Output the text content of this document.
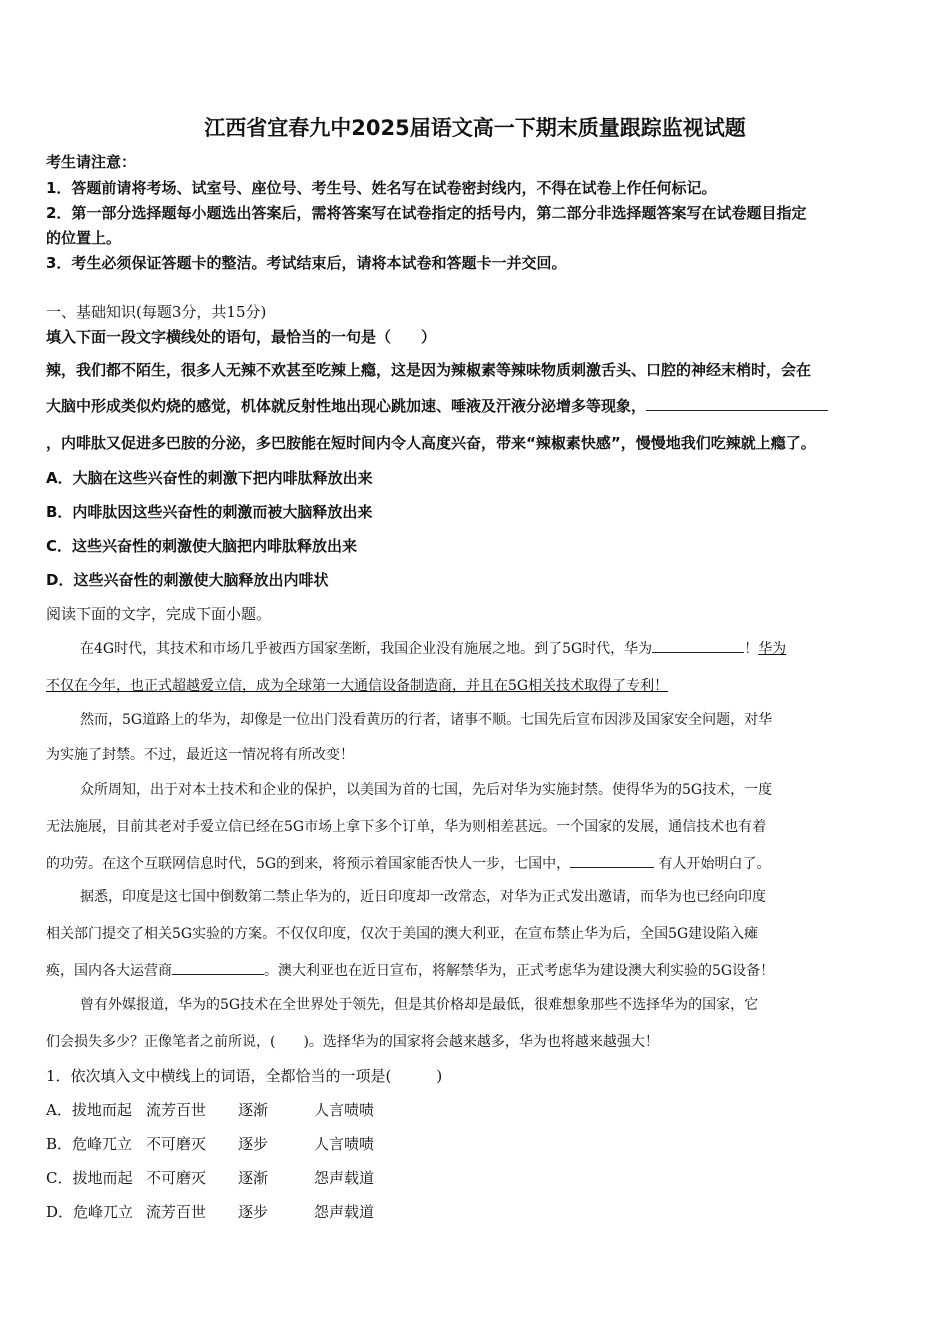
江西省宜春九中2025届语文高一下期末质量跟踪监视试题
考生请注意：
1．答题前请将考场、试室号、座位号、考生号、姓名写在试卷密封线内，不得在试卷上作任何标记。
2．第一部分选择题每小题选出答案后，需将答案写在试卷指定的括号内，第二部分非选择题答案写在试卷题目指定
的位置上。
3．考生必须保证答题卡的整洁。考试结束后，请将本试卷和答题卡一并交回。
一、基础知识(每题3分，共15分)
填入下面一段文字横线处的语句，最恰当的一句是（　　）
辣，我们都不陌生，很多人无辣不欢甚至吃辣上瘾，这是因为辣椒素等辣味物质刺激舌头、口腔的神经末梢时，会在
大脑中形成类似灼烧的感觉，机体就反射性地出现心跳加速、唾液及汗液分泌增多等现象，
，内啡肽又促进多巴胺的分泌，多巴胺能在短时间内令人高度兴奋，带来“辣椒素快感”，慢慢地我们吃辣就上瘾了。
A．大脑在这些兴奋性的刺激下把内啡肽释放出来
B．内啡肽因这些兴奋性的刺激而被大脑释放出来
C．这些兴奋性的刺激使大脑把内啡肽释放出来
D．这些兴奋性的刺激使大脑释放出内啡状
阅读下面的文字，完成下面小题。
在4G时代，其技术和市场几乎被西方国家垄断，我国企业没有施展之地。到了5G时代，华为	！华为
不仅在今年，也正式超越爱立信，成为全球第一大通信设备制造商，并且在5G相关技术取得了专利！
然而，5G道路上的华为，却像是一位出门没看黄历的行者，诸事不顺。七国先后宣布因涉及国家安全问题，对华
为实施了封禁。不过，最近这一情况将有所改变！
众所周知，出于对本土技术和企业的保护，以美国为首的七国，先后对华为实施封禁。使得华为的5G技术，一度
无法施展，目前其老对手爱立信已经在5G市场上拿下多个订单，华为则相差甚远。一个国家的发展，通信技术也有着
的功劳。在这个互联网信息时代，5G的到来，将预示着国家能否快人一步，七国中，	有人开始明白了。
据悉，印度是这七国中倒数第二禁止华为的，近日印度却一改常态，对华为正式发出邀请，而华为也已经向印度
相关部门提交了相关5G实验的方案。不仅仅印度，仅次于美国的澳大利亚，在宣布禁止华为后，全国5G建设陷入瘫
痪，国内各大运营商	。澳大利亚也在近日宣布，将解禁华为，正式考虑华为建设澳大利实验的5G设备！
曾有外媒报道，华为的5G技术在全世界处于领先，但是其价格却是最低，很难想象那些不选择华为的国家，它
们会损失多少？正像笔者之前所说，(　　)。选择华为的国家将会越来越多，华为也将越来越强大！
1．依次填入文中横线上的词语，全都恰当的一项是(　　　)
A．拔地而起 流芳百世 逐渐	人言啧啧
B．危峰兀立 不可磨灭 逐步	人言啧啧
C．拔地而起 不可磨灭 逐渐	怨声载道
D．危峰兀立 流芳百世 逐步	怨声载道
